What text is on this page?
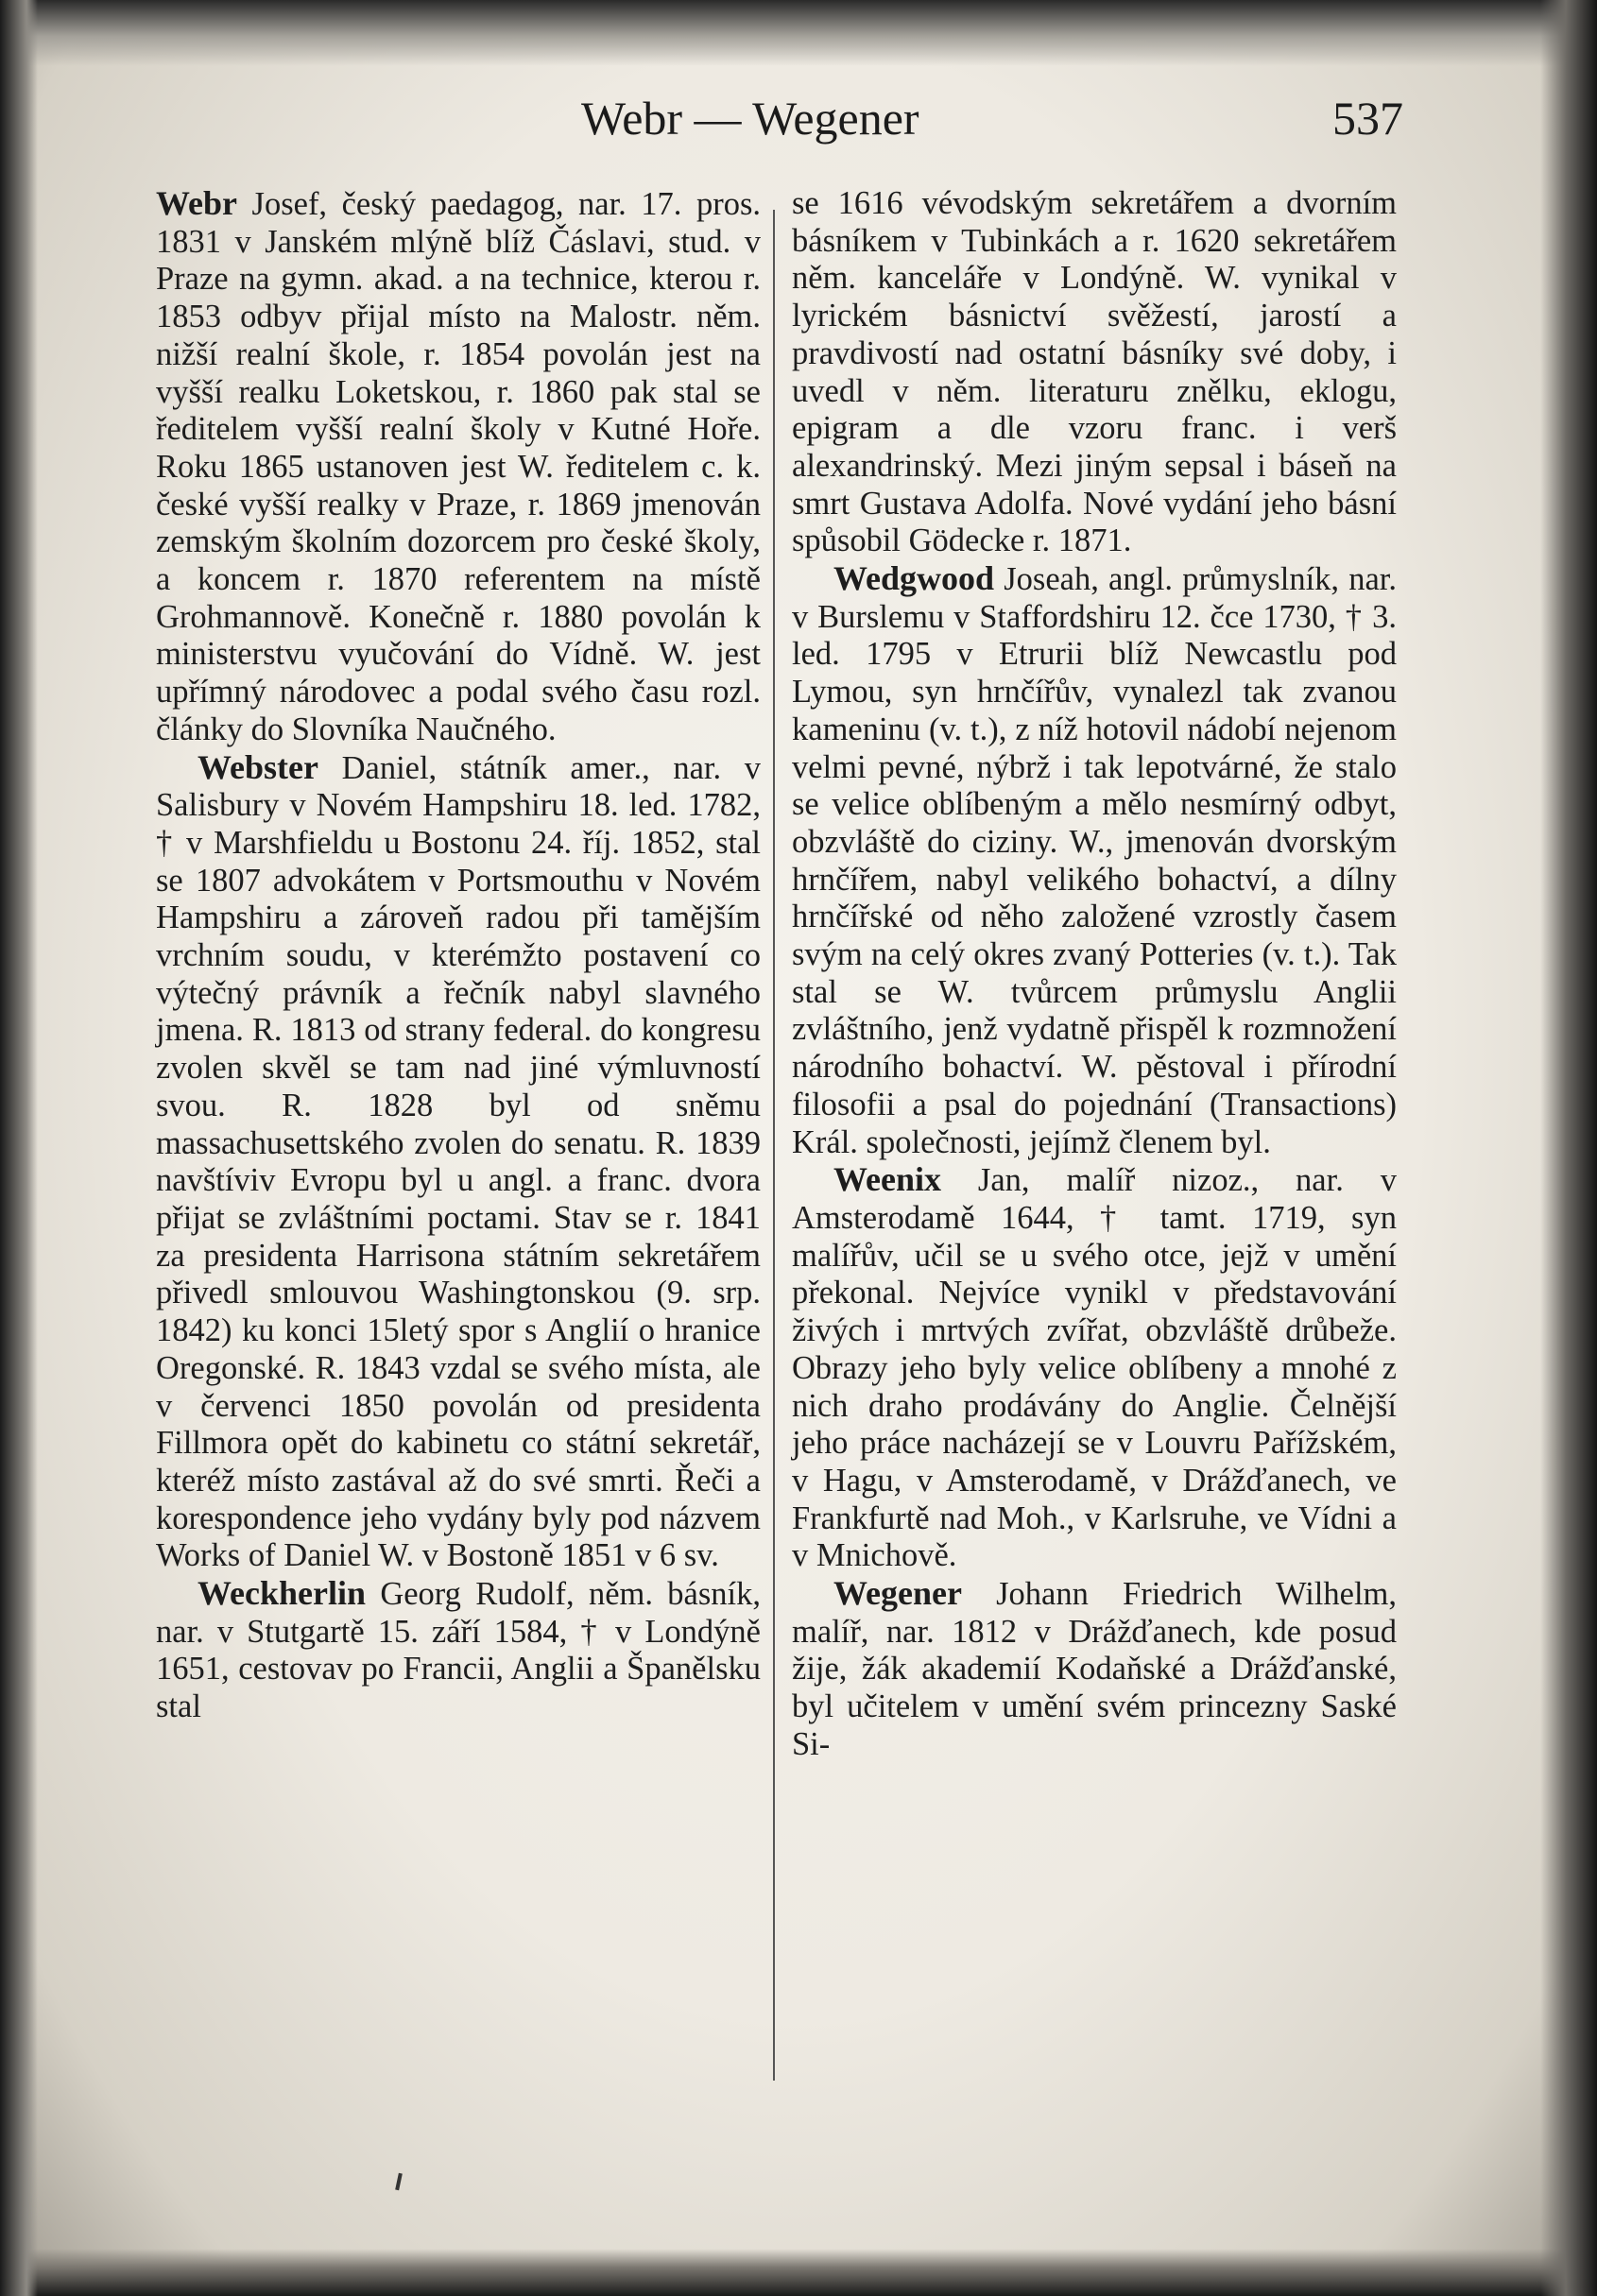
Webr — Wegener	537

Webr Josef, český paedagog, nar. 17. pros. 1831 v Janském mlýně blíž Čáslavi, stud. v Praze na gymn. akad. a na technice, kterou r. 1853 odbyv přijal místo na Malostr. něm. nižší realní škole, r. 1854 povolán jest na vyšší realku Loketskou, r. 1860 pak stal se ředitelem vyšší realní školy v Kutné Hoře. Roku 1865 ustanoven jest W. ředitelem c. k. české vyšší realky v Praze, r. 1869 jmenován zemským školním dozorcem pro české školy, a koncem r. 1870 referentem na místě Grohmannově. Konečně r. 1880 povolán k ministerstvu vyučování do Vídně. W. jest upřímný národovec a podal svého času rozl. články do Slovníka Naučného.

Webster Daniel, státník amer., nar. v Salisbury v Novém Hampshiru 18. led. 1782, † v Marshfieldu u Bostonu 24. říj. 1852, stal se 1807 advokátem v Portsmouthu v Novém Hampshiru a zároveň radou při tamějším vrchním soudu, v kterémžto postavení co výtečný právník a řečník nabyl slavného jmena. R. 1813 od strany federal. do kongresu zvolen skvěl se tam nad jiné výmluvností svou. R. 1828 byl od sněmu massachusettského zvolen do senatu. R. 1839 navštíviv Evropu byl u angl. a franc. dvora přijat se zvláštními poctami. Stav se r. 1841 za presidenta Harrisona státním sekretářem přivedl smlouvou Washingtonskou (9. srp. 1842) ku konci 15letý spor s Anglií o hranice Oregonské. R. 1843 vzdal se svého místa, ale v červenci 1850 povolán od presidenta Fillmora opět do kabinetu co státní sekretář, kteréž místo zastával až do své smrti. Řeči a korespondence jeho vydány byly pod názvem Works of Daniel W. v Bostoně 1851 v 6 sv.

Weckherlin Georg Rudolf, něm. básník, nar. v Stutgartě 15. září 1584, † v Londýně 1651, cestovav po Francii, Anglii a Španělsku stal

se 1616 vévodským sekretářem a dvorním básníkem v Tubinkách a r. 1620 sekretářem něm. kanceláře v Londýně. W. vynikal v lyrickém básnictví svěžestí, jarostí a pravdivostí nad ostatní básníky své doby, i uvedl v něm. literaturu znělku, eklogu, epigram a dle vzoru franc. i verš alexandrinský. Mezi jiným sepsal i báseň na smrt Gustava Adolfa. Nové vydání jeho básní spůsobil Gödecke r. 1871.

Wedgwood Joseah, angl. průmyslník, nar. v Burslemu v Staffordshiru 12. čce 1730, † 3. led. 1795 v Etrurii blíž Newcastlu pod Lymou, syn hrnčířův, vynalezl tak zvanou kameninu (v. t.), z níž hotovil nádobí nejenom velmi pevné, nýbrž i tak lepotvárné, že stalo se velice oblíbeným a mělo nesmírný odbyt, obzvláště do ciziny. W., jmenován dvorským hrnčířem, nabyl velikého bohactví, a dílny hrnčířské od něho založené vzrostly časem svým na celý okres zvaný Potteries (v. t.). Tak stal se W. tvůrcem průmyslu Anglii zvláštního, jenž vydatně přispěl k rozmnožení národního bohactví. W. pěstoval i přírodní filosofii a psal do pojednání (Transactions) Král. společnosti, jejímž členem byl.

Weenix Jan, malíř nizoz., nar. v Amsterodamě 1644, † tamt. 1719, syn malířův, učil se u svého otce, jejž v umění překonal. Nejvíce vynikl v představování živých i mrtvých zvířat, obzvláště drůbeže. Obrazy jeho byly velice oblíbeny a mnohé z nich draho prodávány do Anglie. Čelnější jeho práce nacházejí se v Louvru Pařížském, v Hagu, v Amsterodamě, v Drážďanech, ve Frankfurtě nad Moh., v Karlsruhe, ve Vídni a v Mnichově.

Wegener Johann Friedrich Wilhelm, malíř, nar. 1812 v Drážďanech, kde posud žije, žák akademií Kodaňské a Drážďanské, byl učitelem v umění svém princezny Saské Si-
